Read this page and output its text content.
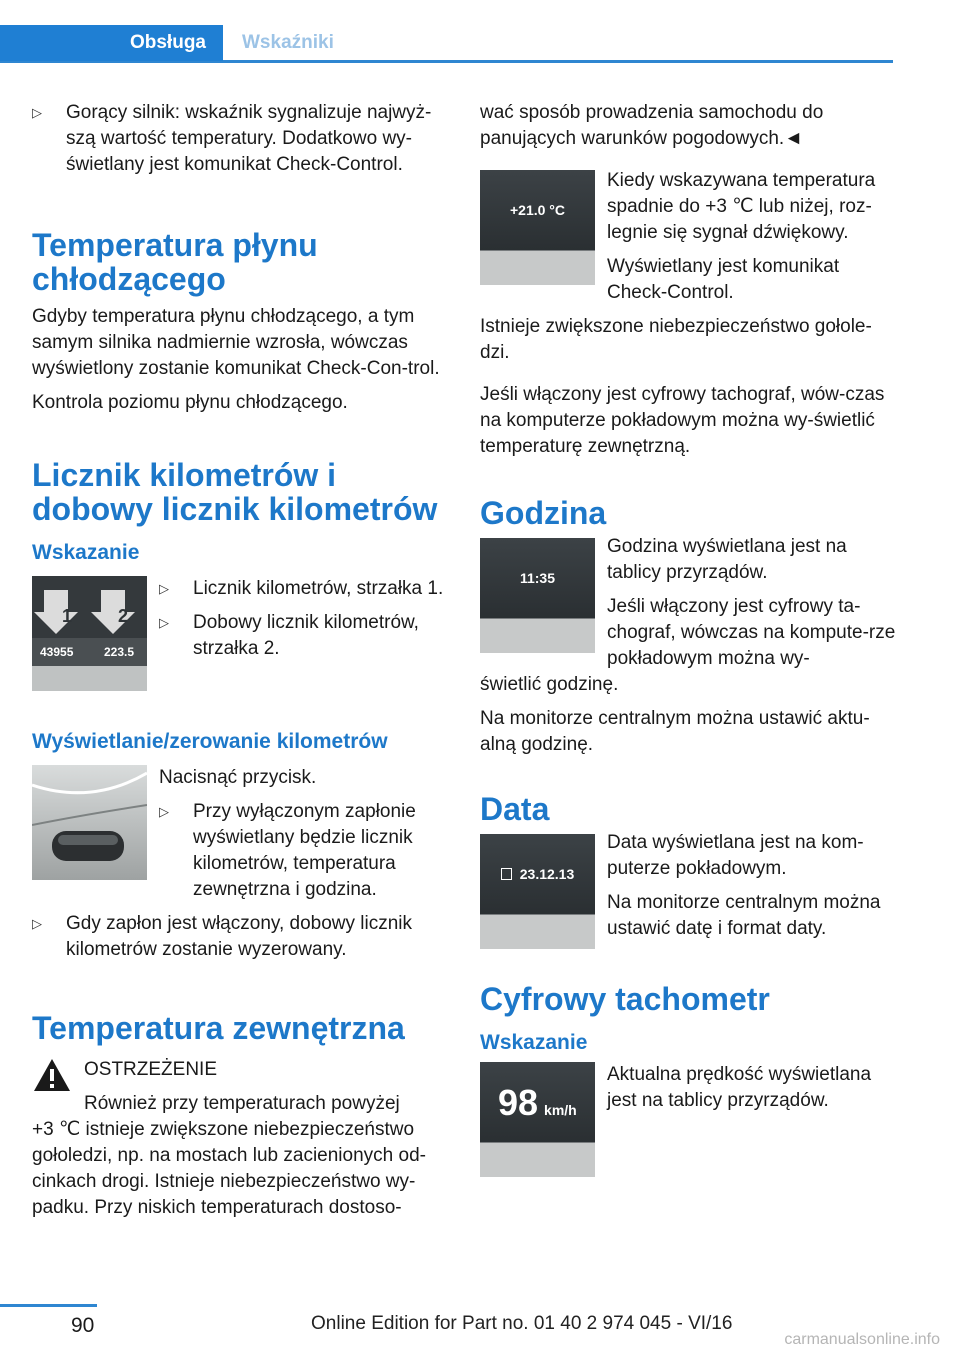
Obsługa Wskaźniki
▷ Gorący silnik: wskaźnik sygnalizuje najwyż-szą wartość temperatury. Dodatkowo wy-świetlany jest komunikat Check-Control.
Temperatura płynu chłodzącego

Gdyby temperatura płynu chłodzącego, a tym samym silnika nadmiernie wzrosła, wówczas wyświetlony zostanie komunikat Check-Con-trol.

Kontrola poziomu płynu chłodzącego.

Licznik kilometrów i dobowy licznik kilometrów
Wskazanie
1	2
43955	223.5
▷ Licznik kilometrów, strzałka 1.
▷ Dobowy licznik kilometrów, strzałka 2.
Wyświetlanie/zerowanie kilometrów

Nacisnąć przycisk.

▷ Przy wyłączonym zapłonie wyświetlany będzie licznik kilometrów, temperatura zewnętrzna i godzina.
▷ Gdy zapłon jest włączony, dobowy licznik kilometrów zostanie wyzerowany.
Temperatura zewnętrzna

OSTRZEŻENIE

Również przy temperaturach powyżej

+3 ℃ istnieje zwiększone niebezpieczeństwo gołoledzi, np. na mostach lub zacienionych od-cinkach drogi. Istnieje niebezpieczeństwo wy-padku. Przy niskich temperaturach dostoso-

wać sposób prowadzenia samochodu do panujących warunków pogodowych.◄

+21.0 °C

Kiedy wskazywana temperatura spadnie do +3 ℃ lub niżej, roz-legnie się sygnał dźwiękowy.

Wyświetlany jest komunikat Check-Control.

Istnieje zwiększone niebezpieczeństwo gołole-dzi.

Jeśli włączony jest cyfrowy tachograf, wów-czas na komputerze pokładowym można wy-świetlić temperaturę zewnętrzną.

Godzina
11:35

Godzina wyświetlana jest na tablicy przyrządów.

Jeśli włączony jest cyfrowy ta-chograf, wówczas na kompute-rze pokładowym można wy-

świetlić godzinę.

Na monitorze centralnym można ustawić aktu-alną godzinę.

Data
23.12.13

Data wyświetlana jest na kom-puterze pokładowym.

Na monitorze centralnym można ustawić datę i format daty.

Cyfrowy tachometr
Wskazanie
98 km/h

Aktualna prędkość wyświetlana jest na tablicy przyrządów.

90	Online Edition for Part no. 01 40 2 974 045 - VI/16
carmanualsonline.info
